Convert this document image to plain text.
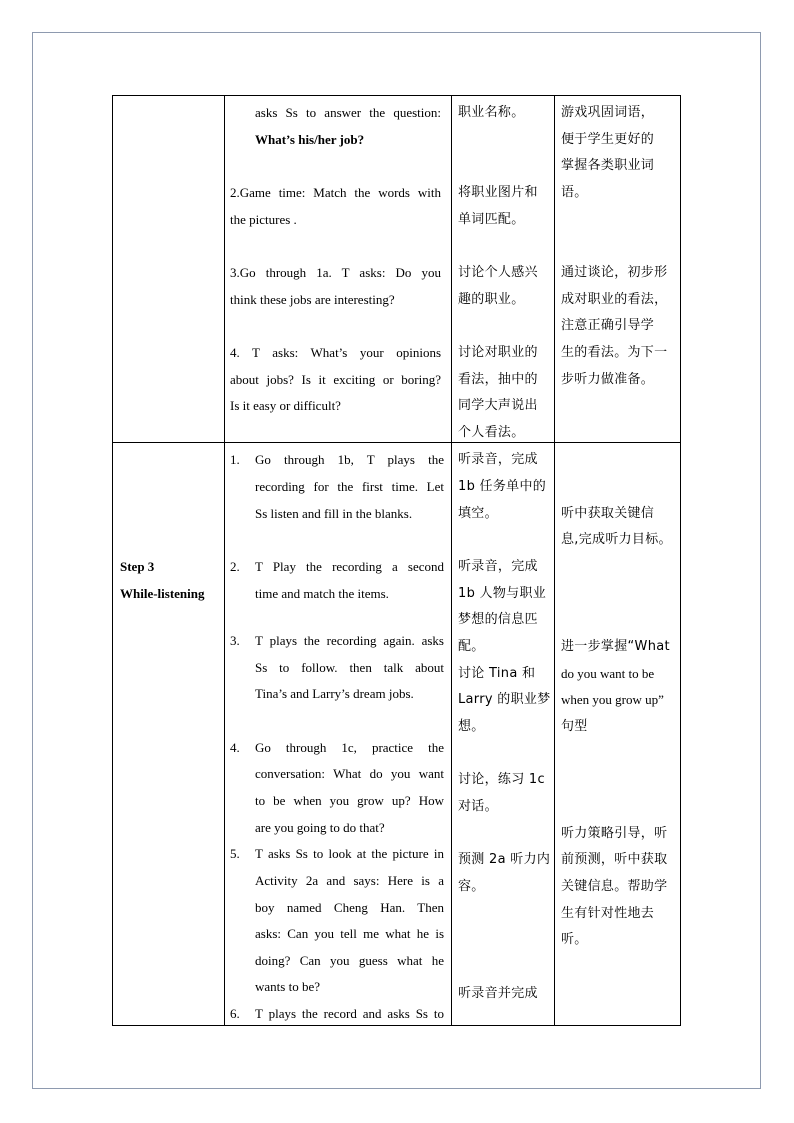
asks Ss to answer the question:
What’s his/her job?
2.Game time: Match the words with
the pictures .
3.Go through 1a. T asks: Do you
think these jobs are interesting?
4. T asks: What’s your opinions
about jobs? Is it exciting or boring?
Is it easy or difficult?
职业名称。
将职业图片和
单词匹配。
讨论个人感兴
趣的职业。
讨论对职业的
看法，抽中的
同学大声说出
个人看法。
游戏巩固词语，
便于学生更好的
掌握各类职业词
语。
通过谈论，初步形
成对职业的看法，
注意正确引导学
生的看法。为下一
步听力做准备。
Step 3
While-listening
1. Go through 1b, T plays the
recording for the first time. Let
Ss listen and fill in the blanks.
2. T Play the recording a second
time and match the items.
3. T plays the recording again. asks
Ss to follow. then talk about
Tina’s and Larry’s dream jobs.
4. Go through 1c, practice the
conversation: What do you want
to be when you grow up? How
are you going to do that?
5. T asks Ss to look at the picture in
Activity 2a and says: Here is a
boy named Cheng Han. Then
asks: Can you tell me what he is
doing? Can you guess what he
wants to be?
6. T plays the record and asks Ss to
听录音，完成
1b 任务单中的
填空。
听录音，完成
1b 人物与职业
梦想的信息匹
配。
讨论 Tina 和
Larry 的职业梦
想。
讨论，练习 1c
对话。
预测 2a 听力内
容。
听录音并完成
听中获取关键信
息,完成听力目标。
进一步掌握“What
do you want to be
when you grow up”
句型
听力策略引导，听
前预测，听中获取
关键信息。帮助学
生有针对性地去
听。
